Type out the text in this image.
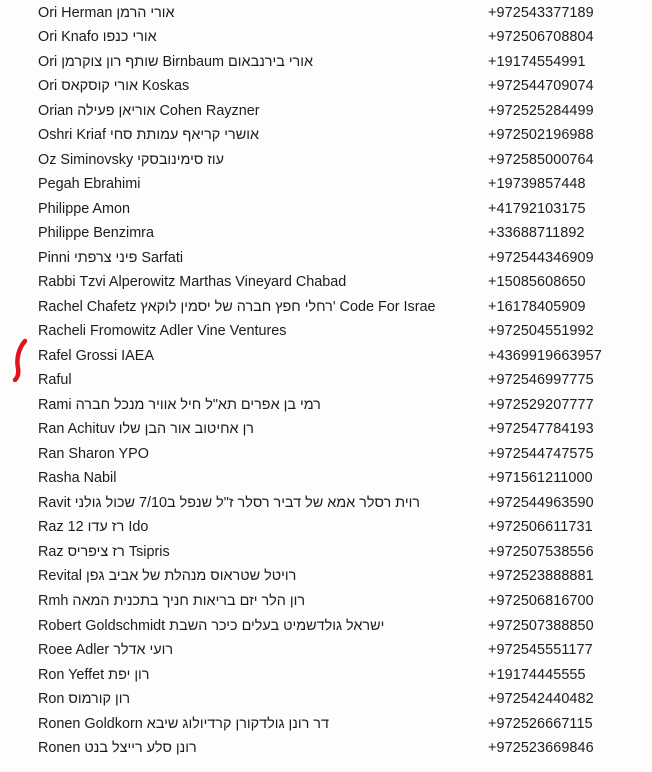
Ori Herman אורי הרמן	+972543377189
Ori Knafo אורי כנפו	+972506708804
Ori שותף רון צוקרמן Birnbaum אורי בירנבאום	+19174554991
Ori אורי קוסקאס Koskas	+972544709074
Orian אוריאן פעילה Cohen Rayzner	+972525284499
Oshri Kriaf אושרי קריאף עמותת סחי	+972502196988
Oz Siminovsky עוז סימינובסקי	+972585000764
Pegah Ebrahimi	+19739857448
Philippe Amon	+41792103175
Philippe Benzimra	+33688711892
Pinni פיני צרפתי Sarfati	+972544346909
Rabbi Tzvi Alperowitz Marthas Vineyard Chabad	+15085608650
Rachel Chafetz רחלי חפץ חברה של יסמין לוקאץ' Code For Israe	+16178405909
Racheli Fromowitz Adler Vine Ventures	+972504551992
Rafel Grossi IAEA	+4369919663957
Raful	+972546997775
Rami רמי בן אפרים תא"ל חיל אוויר מנכל חברה	+972529207777
Ran Achituv רן אחיטוב אור הבן שלו	+972547784193
Ran Sharon YPO	+972544747575
Rasha Nabil	+971561211000
Ravit רוית רסלר אמא של דביר רסלר ז"ל שנפל ב7/10 שכול גולני	+972544963590
Raz 12 רז עדו Ido	+972506611731
Raz רז ציפריס Tsipris	+972507538556
Revital רויטל שטראוס מנהלת של אביב גפן	+972523888881
Rmh רון הלר יזם בריאות חניך בתכנית המאה	+972506816700
Robert Goldschmidt ישראל גולדשמיט בעלים כיכר השבת	+972507388850
Roee Adler רועי אדלר	+972545551177
Ron Yeffet רון יפת	+19174445555
Ron רון קורמוס	+972542440482
Ronen Goldkorn דר רונן גולדקורן קרדיולוג שיבא	+972526667115
Ronen רונן סלע רייצל בנט	+972523669846
